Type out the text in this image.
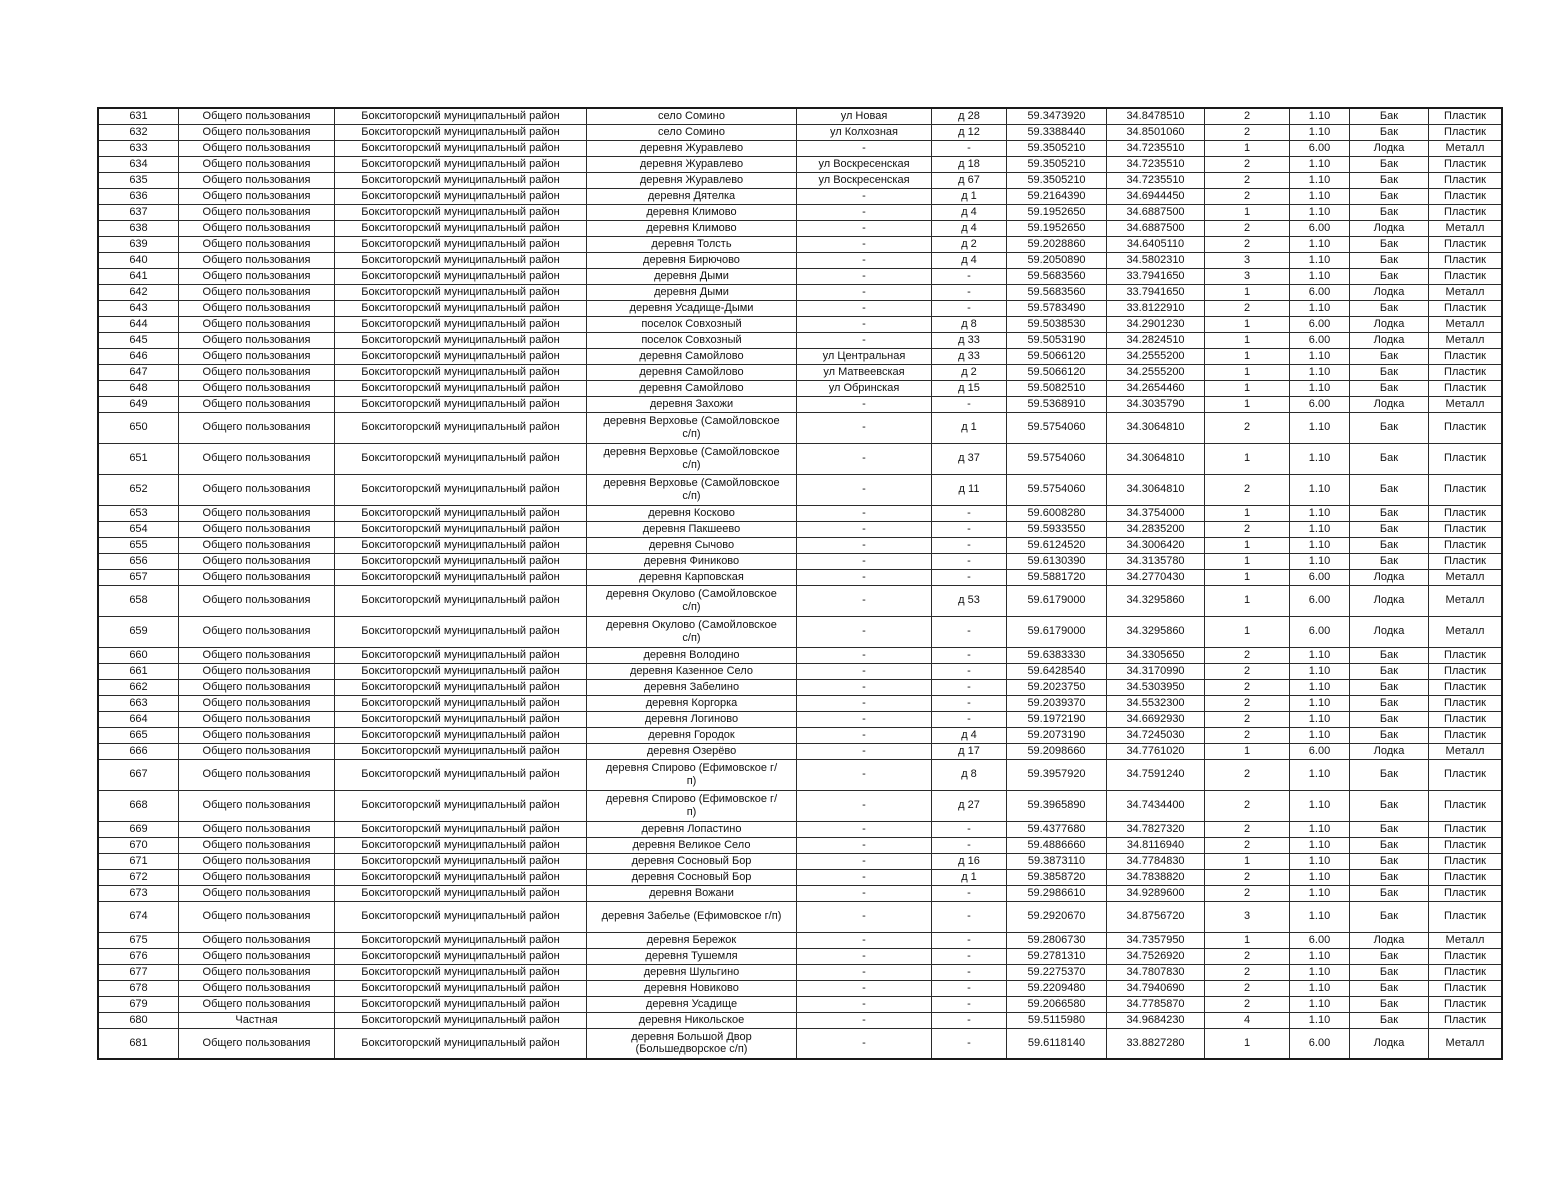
631	Общего пользования	Бокситогорский муниципальный район	село Сомино	ул Новая	д 28	59.3473920	34.8478510	2	1.10	Бак	Пластик
632	Общего пользования	Бокситогорский муниципальный район	село Сомино	ул Колхозная	д 12	59.3388440	34.8501060	2	1.10	Бак	Пластик
633	Общего пользования	Бокситогорский муниципальный район	деревня Журавлево	-	-	59.3505210	34.7235510	1	6.00	Лодка	Металл
634	Общего пользования	Бокситогорский муниципальный район	деревня Журавлево	ул Воскресенская	д 18	59.3505210	34.7235510	2	1.10	Бак	Пластик
635	Общего пользования	Бокситогорский муниципальный район	деревня Журавлево	ул Воскресенская	д 67	59.3505210	34.7235510	2	1.10	Бак	Пластик
636	Общего пользования	Бокситогорский муниципальный район	деревня Дятелка	-	д 1	59.2164390	34.6944450	2	1.10	Бак	Пластик
637	Общего пользования	Бокситогорский муниципальный район	деревня Климово	-	д 4	59.1952650	34.6887500	1	1.10	Бак	Пластик
638	Общего пользования	Бокситогорский муниципальный район	деревня Климово	-	д 4	59.1952650	34.6887500	2	6.00	Лодка	Металл
639	Общего пользования	Бокситогорский муниципальный район	деревня Толсть	-	д 2	59.2028860	34.6405110	2	1.10	Бак	Пластик
640	Общего пользования	Бокситогорский муниципальный район	деревня Бирючово	-	д 4	59.2050890	34.5802310	3	1.10	Бак	Пластик
641	Общего пользования	Бокситогорский муниципальный район	деревня Дыми	-	-	59.5683560	33.7941650	3	1.10	Бак	Пластик
642	Общего пользования	Бокситогорский муниципальный район	деревня Дыми	-	-	59.5683560	33.7941650	1	6.00	Лодка	Металл
643	Общего пользования	Бокситогорский муниципальный район	деревня Усадище-Дыми	-	-	59.5783490	33.8122910	2	1.10	Бак	Пластик
644	Общего пользования	Бокситогорский муниципальный район	поселок Совхозный	-	д 8	59.5038530	34.2901230	1	6.00	Лодка	Металл
645	Общего пользования	Бокситогорский муниципальный район	поселок Совхозный	-	д 33	59.5053190	34.2824510	1	6.00	Лодка	Металл
646	Общего пользования	Бокситогорский муниципальный район	деревня Самойлово	ул Центральная	д 33	59.5066120	34.2555200	1	1.10	Бак	Пластик
647	Общего пользования	Бокситогорский муниципальный район	деревня Самойлово	ул Матвеевская	д 2	59.5066120	34.2555200	1	1.10	Бак	Пластик
648	Общего пользования	Бокситогорский муниципальный район	деревня Самойлово	ул Обринская	д 15	59.5082510	34.2654460	1	1.10	Бак	Пластик
649	Общего пользования	Бокситогорский муниципальный район	деревня Захожи	-	-	59.5368910	34.3035790	1	6.00	Лодка	Металл
650	Общего пользования	Бокситогорский муниципальный район	деревня Верховье (Самойловское с/п)	-	д 1	59.5754060	34.3064810	2	1.10	Бак	Пластик
651	Общего пользования	Бокситогорский муниципальный район	деревня Верховье (Самойловское с/п)	-	д 37	59.5754060	34.3064810	1	1.10	Бак	Пластик
652	Общего пользования	Бокситогорский муниципальный район	деревня Верховье (Самойловское с/п)	-	д 11	59.5754060	34.3064810	2	1.10	Бак	Пластик
653	Общего пользования	Бокситогорский муниципальный район	деревня Косково	-	-	59.6008280	34.3754000	1	1.10	Бак	Пластик
654	Общего пользования	Бокситогорский муниципальный район	деревня Пакшеево	-	-	59.5933550	34.2835200	2	1.10	Бак	Пластик
655	Общего пользования	Бокситогорский муниципальный район	деревня Сычово	-	-	59.6124520	34.3006420	1	1.10	Бак	Пластик
656	Общего пользования	Бокситогорский муниципальный район	деревня Финиково	-	-	59.6130390	34.3135780	1	1.10	Бак	Пластик
657	Общего пользования	Бокситогорский муниципальный район	деревня Карповская	-	-	59.5881720	34.2770430	1	6.00	Лодка	Металл
658	Общего пользования	Бокситогорский муниципальный район	деревня Окулово (Самойловское с/п)	-	д 53	59.6179000	34.3295860	1	6.00	Лодка	Металл
659	Общего пользования	Бокситогорский муниципальный район	деревня Окулово (Самойловское с/п)	-	-	59.6179000	34.3295860	1	6.00	Лодка	Металл
660	Общего пользования	Бокситогорский муниципальный район	деревня Володино	-	-	59.6383330	34.3305650	2	1.10	Бак	Пластик
661	Общего пользования	Бокситогорский муниципальный район	деревня Казенное Село	-	-	59.6428540	34.3170990	2	1.10	Бак	Пластик
662	Общего пользования	Бокситогорский муниципальный район	деревня Забелино	-	-	59.2023750	34.5303950	2	1.10	Бак	Пластик
663	Общего пользования	Бокситогорский муниципальный район	деревня Коргорка	-	-	59.2039370	34.5532300	2	1.10	Бак	Пластик
664	Общего пользования	Бокситогорский муниципальный район	деревня Логиново	-	-	59.1972190	34.6692930	2	1.10	Бак	Пластик
665	Общего пользования	Бокситогорский муниципальный район	деревня Городок	-	д 4	59.2073190	34.7245030	2	1.10	Бак	Пластик
666	Общего пользования	Бокситогорский муниципальный район	деревня Озерёво	-	д 17	59.2098660	34.7761020	1	6.00	Лодка	Металл
667	Общего пользования	Бокситогорский муниципальный район	деревня Спирово (Ефимовское г/п)	-	д 8	59.3957920	34.7591240	2	1.10	Бак	Пластик
668	Общего пользования	Бокситогорский муниципальный район	деревня Спирово (Ефимовское г/п)	-	д 27	59.3965890	34.7434400	2	1.10	Бак	Пластик
669	Общего пользования	Бокситогорский муниципальный район	деревня Лопастино	-	-	59.4377680	34.7827320	2	1.10	Бак	Пластик
670	Общего пользования	Бокситогорский муниципальный район	деревня Великое Село	-	-	59.4886660	34.8116940	2	1.10	Бак	Пластик
671	Общего пользования	Бокситогорский муниципальный район	деревня Сосновый Бор	-	д 16	59.3873110	34.7784830	1	1.10	Бак	Пластик
672	Общего пользования	Бокситогорский муниципальный район	деревня Сосновый Бор	-	д 1	59.3858720	34.7838820	2	1.10	Бак	Пластик
673	Общего пользования	Бокситогорский муниципальный район	деревня Вожани	-	-	59.2986610	34.9289600	2	1.10	Бак	Пластик
674	Общего пользования	Бокситогорский муниципальный район	деревня Забелье (Ефимовское г/п)	-	-	59.2920670	34.8756720	3	1.10	Бак	Пластик
675	Общего пользования	Бокситогорский муниципальный район	деревня Бережок	-	-	59.2806730	34.7357950	1	6.00	Лодка	Металл
676	Общего пользования	Бокситогорский муниципальный район	деревня Тушемля	-	-	59.2781310	34.7526920	2	1.10	Бак	Пластик
677	Общего пользования	Бокситогорский муниципальный район	деревня Шульгино	-	-	59.2275370	34.7807830	2	1.10	Бак	Пластик
678	Общего пользования	Бокситогорский муниципальный район	деревня Новиково	-	-	59.2209480	34.7940690	2	1.10	Бак	Пластик
679	Общего пользования	Бокситогорский муниципальный район	деревня Усадище	-	-	59.2066580	34.7785870	2	1.10	Бак	Пластик
680	Частная	Бокситогорский муниципальный район	деревня Никольское	-	-	59.5115980	34.9684230	4	1.10	Бак	Пластик
681	Общего пользования	Бокситогорский муниципальный район	деревня Большой Двор (Большедворское с/п)	-	-	59.6118140	33.8827280	1	6.00	Лодка	Металл
